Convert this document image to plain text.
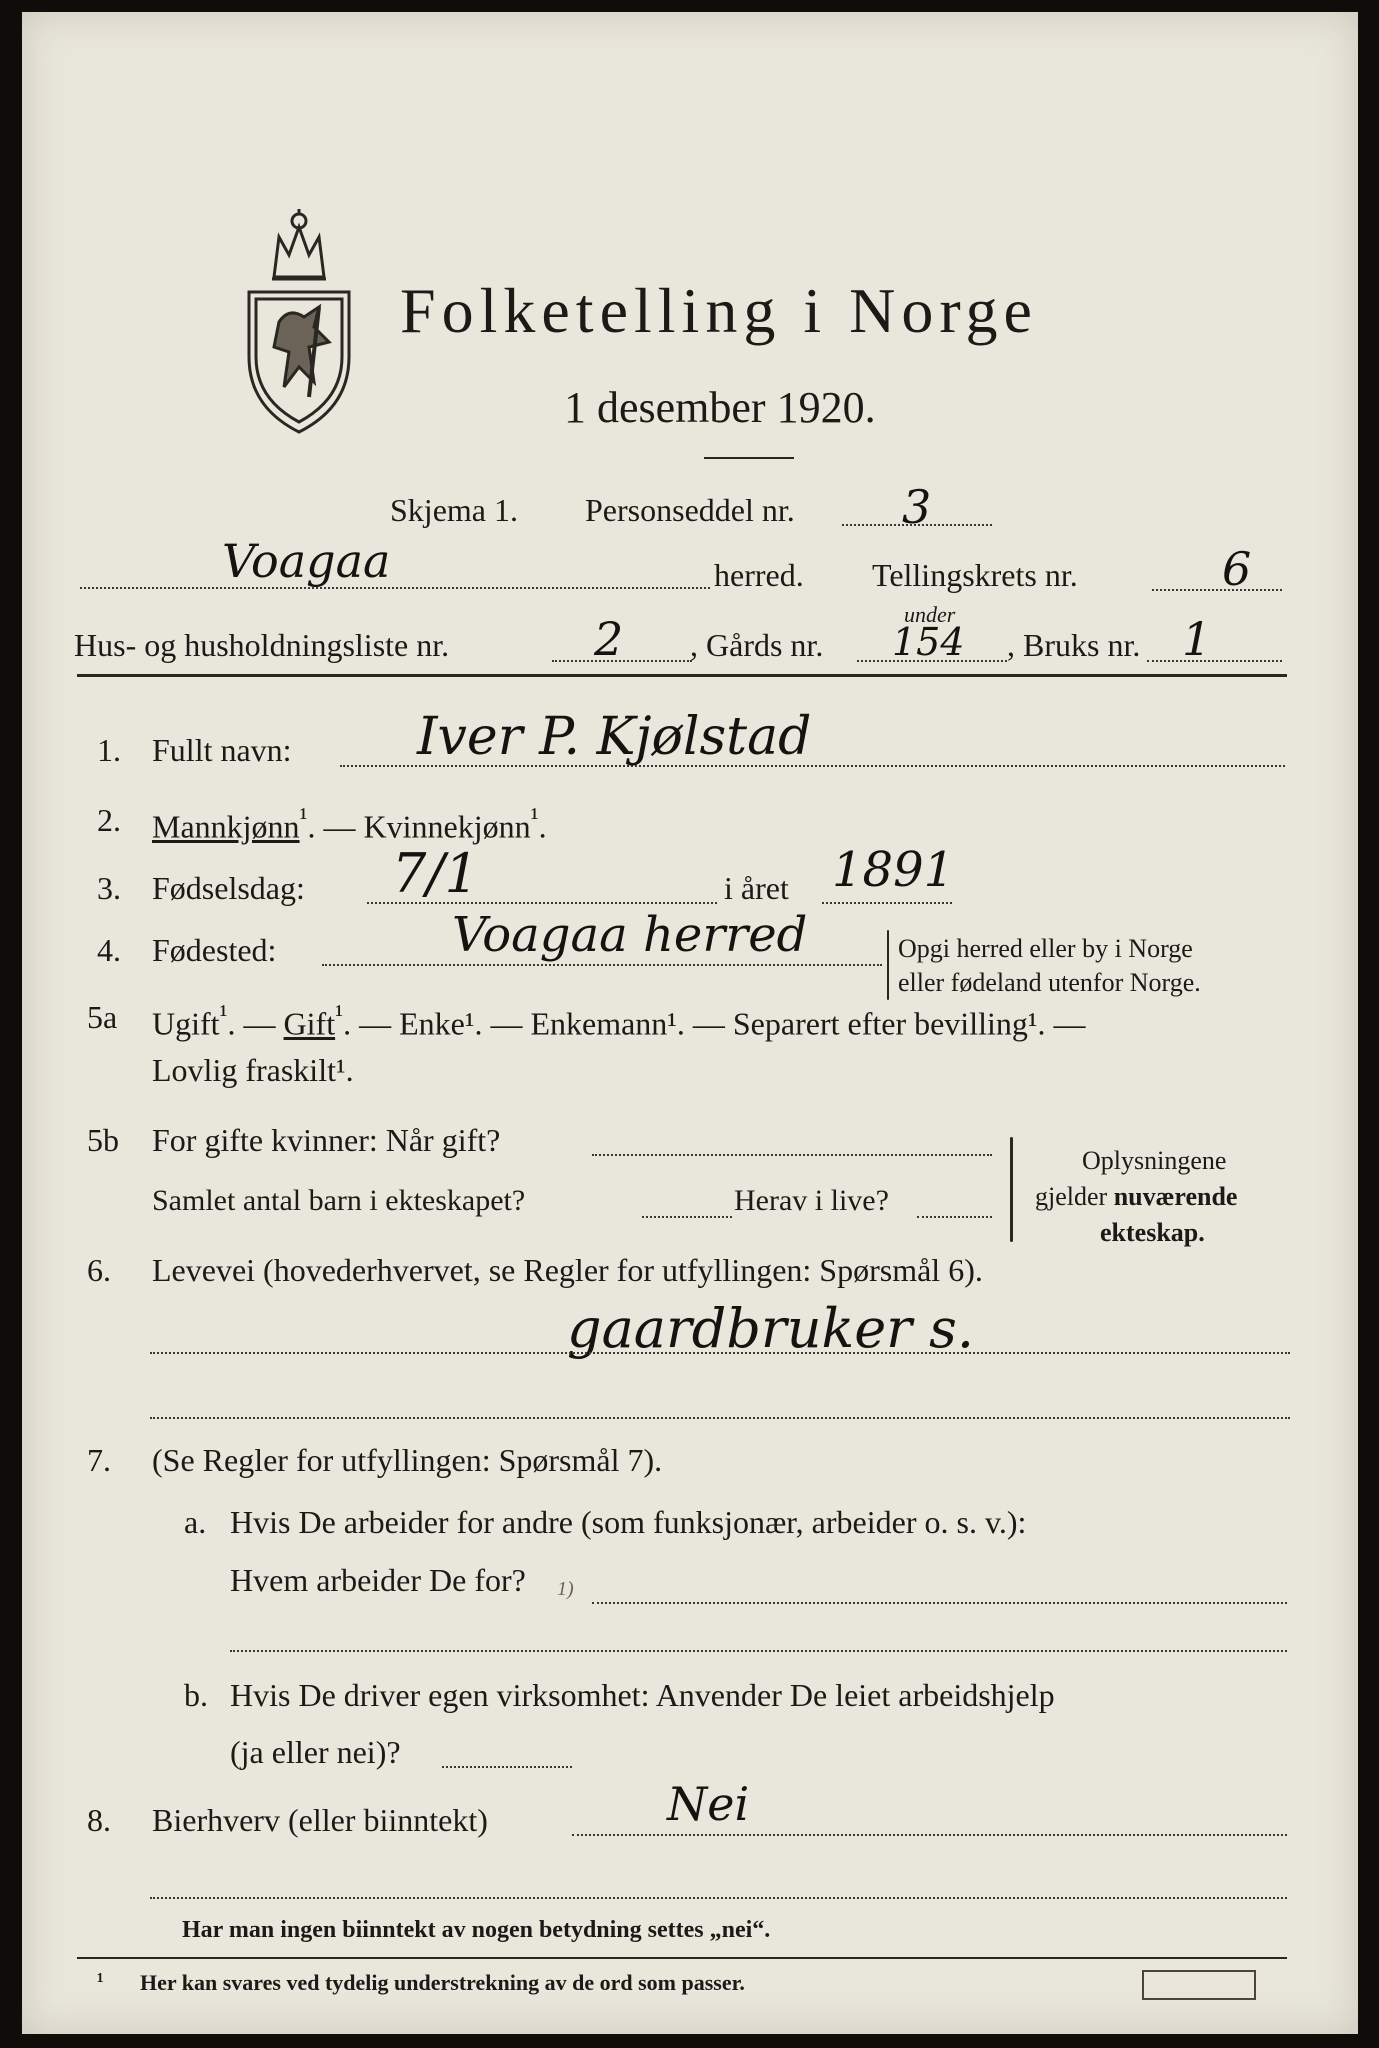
Folketelling i Norge
1 desember 1920.
Skjema 1. Personseddel nr. 3
Voagaa	herred. Tellingskrets nr.	6
Hus- og husholdningsliste nr.	2 , Gårds nr.
under
154 , Bruks nr. 1
1. Fullt navn: Iver P. Kjølstad
2. Mannkjønn$^{^1}$. — Kvinnekjønn$^{^1}$.
3. Fødselsdag: 7/1	i året 1891
4. Fødested:	Voagaa herred	Opgi herred eller by i Norge
eller fødeland utenfor Norge.
5a Ugift$^{^1}$. — Gift$^{^1}$. — Enke¹. — Enkemann¹. — Separert efter bevilling¹. —
Lovlig fraskilt¹.
5b For gifte kvinner: Når gift?
Samlet antal barn i ekteskapet?	Herav i live?
Oplysningene
gjelder nuværende
ekteskap.
6. Levevei (hovederhvervet, se Regler for utfyllingen: Spørsmål 6).
gaardbruker s.
7. (Se Regler for utfyllingen: Spørsmål 7).
a. Hvis De arbeider for andre (som funksjonær, arbeider o. s. v.):
Hvem arbeider De for? 1)
b. Hvis De driver egen virksomhet: Anvender De leiet arbeidshjelp
(ja eller nei)?
8. Bierhverv (eller biinntekt)	Nei
Har man ingen biinntekt av nogen betydning settes „nei“.
¹ Her kan svares ved tydelig understrekning av de ord som passer.
